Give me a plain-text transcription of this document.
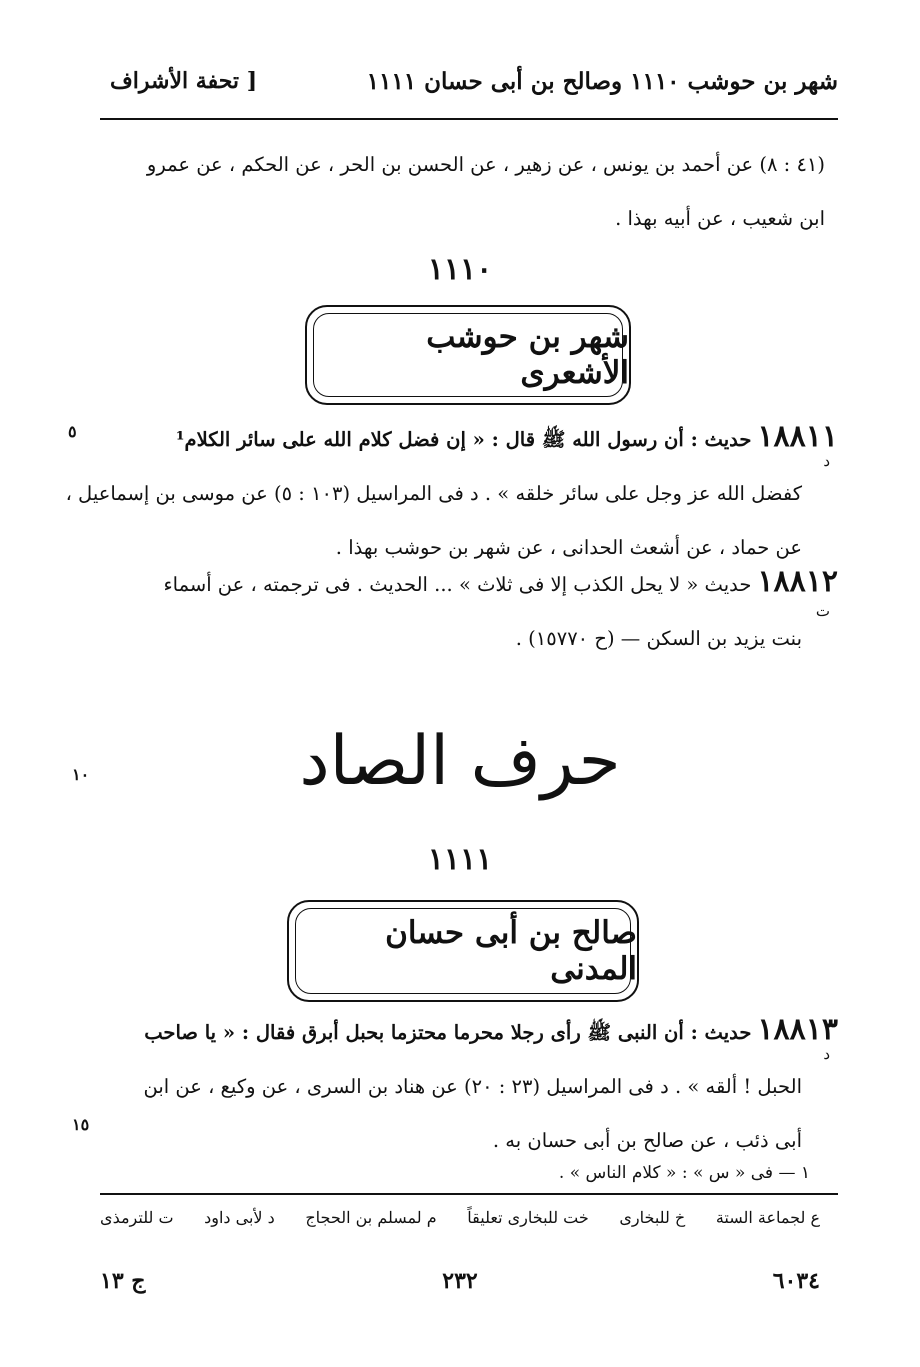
شهر بن حوشب ١١١٠ وصالح بن أبى حسان ١١١١
[ تحفة الأشراف
(٤١ : ٨) عن أحمد بن يونس ، عن زهير ، عن الحسن بن الحر ، عن الحكم ، عن عمرو
ابن شعيب ، عن أبيه بهذا .
١١١٠
شهر بن حوشب الأشعرى
٥	١٨٨١١حديث : أن رسول الله ﷺ قال : « إن فضل كلام الله على سائر الكلام¹
كفضل الله عز وجل على سائر خلقه » . د فى المراسيل (١٠٣ : ٥) عن موسى بن إسماعيل ،
عن حماد ، عن أشعث الحدانى ، عن شهر بن حوشب بهذا .
د
١٨٨١٢حديث « لا يحل الكذب إلا فى ثلاث » ... الحديث . فى ترجمته ، عن أسماء
بنت يزيد بن السكن — (ح ١٥٧٧٠) .
ت
١٠	حرف الصاد
١١١١
صالح بن أبى حسان المدنى
١٨٨١٣حديث : أن النبى ﷺ رأى رجلا محرما محتزما بحبل أبرق فقال : « يا صاحب
الحبل ! ألقه » . د فى المراسيل (٢٣ : ٢٠) عن هناد بن السرى ، عن وكيع ، عن ابن
أبى ذئب ، عن صالح بن أبى حسان به .
د
١٥
١ — فى « س » : « كلام الناس » .
ع لجماعة الستة
خ للبخارى
خت للبخارى تعليقاً
م لمسلم بن الحجاج
د لأبى داود
ت للترمذى
٦٠٣٤
٢٣٢
ج ١٣
